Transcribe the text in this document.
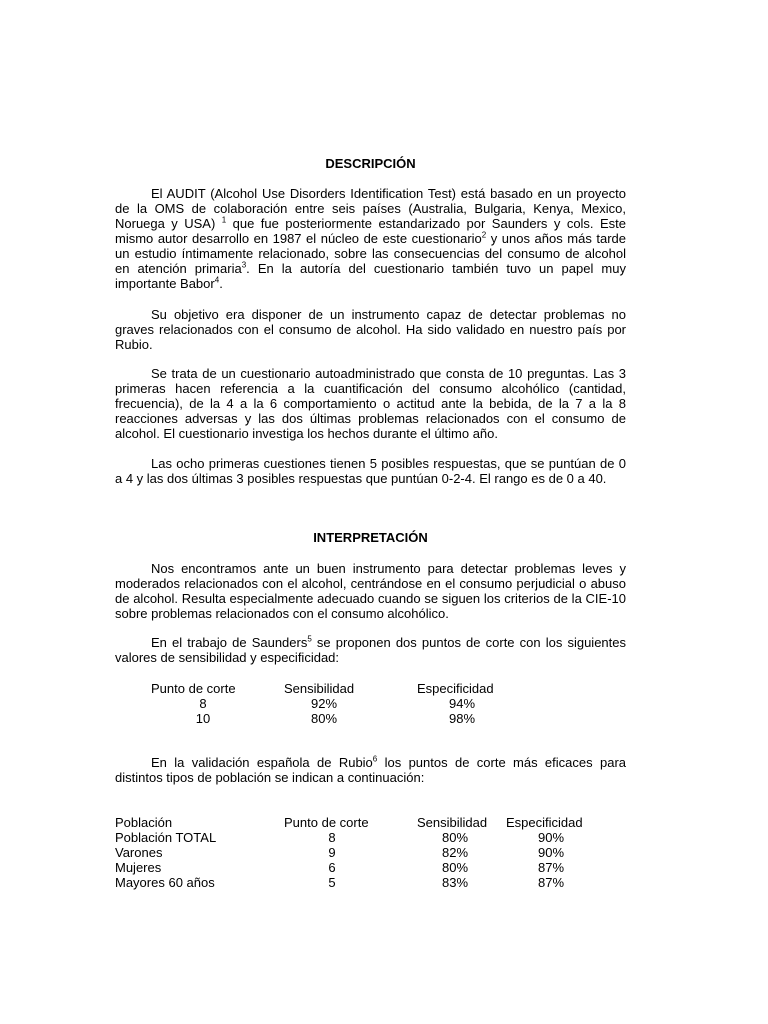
DESCRIPCIÓN

El AUDIT (Alcohol Use Disorders Identification Test) está basado en un proyecto de la OMS de colaboración entre seis países (Australia, Bulgaria, Kenya, Mexico, Noruega y USA) $^1$ que fue posteriormente estandarizado por Saunders y cols. Este mismo autor desarrollo en 1987 el núcleo de este cuestionario$^2$ y unos años más tarde un estudio íntimamente relacionado, sobre las consecuencias del consumo de alcohol en atención primaria$^3$. En la autoría del cuestionario también tuvo un papel muy importante Babor$^4$.

Su objetivo era disponer de un instrumento capaz de detectar problemas no graves relacionados con el consumo de alcohol. Ha sido validado en nuestro país por Rubio.

Se trata de un cuestionario autoadministrado que consta de 10 preguntas. Las 3 primeras hacen referencia a la cuantificación del consumo alcohólico (cantidad, frecuencia), de la 4 a la 6 comportamiento o actitud ante la bebida, de la 7 a la 8 reacciones adversas y las dos últimas problemas relacionados con el consumo de alcohol. El cuestionario investiga los hechos durante el último año.

Las ocho primeras cuestiones tienen 5 posibles respuestas, que se puntúan de 0 a 4 y las dos últimas 3 posibles respuestas que puntúan 0-2-4. El rango es de 0 a 40.

INTERPRETACIÓN

Nos encontramos ante un buen instrumento para detectar problemas leves y moderados relacionados con el alcohol, centrándose en el consumo perjudicial o abuso de alcohol. Resulta especialmente adecuado cuando se siguen los criterios de la CIE-10 sobre problemas relacionados con el consumo alcohólico.

En el trabajo de Saunders$^5$ se proponen dos puntos de corte con los siguientes valores de sensibilidad y especificidad:

Punto de corte	Sensibilidad	Especificidad
8	92%	94%
10	80%	98%

En la validación española de Rubio$^6$ los puntos de corte más eficaces para distintos tipos de población se indican a continuación:

Población	Punto de corte	Sensibilidad Especificidad
Población TOTAL	8	80%	90%
Varones	9	82%	90%
Mujeres	6	80%	87%
Mayores 60 años	5	83%	87%
